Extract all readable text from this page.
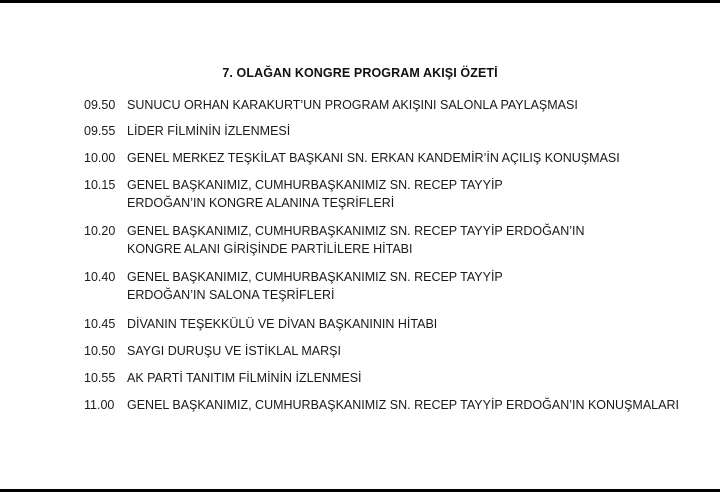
7. OLAĞAN KONGRE PROGRAM AKIŞI ÖZETİ
09.50 SUNUCU ORHAN KARAKURT’UN PROGRAM AKIŞINI SALONLA PAYLAŞMASI
09.55 LİDER FİLMİNİN İZLENMESİ
10.00 GENEL MERKEZ TEŞKİLAT BAŞKANI SN. ERKAN KANDEMİR’İN AÇILIŞ KONUŞMASI
10.15 GENEL BAŞKANIMIZ, CUMHURBAŞKANIMIZ SN. RECEP TAYYİP ERDOĞAN’IN KONGRE ALANINA TEŞRİFLERİ
10.20 GENEL BAŞKANIMIZ, CUMHURBAŞKANIMIZ SN. RECEP TAYYİP ERDOĞAN’IN KONGRE ALANI GİRİŞİNDE PARTİLİLERE HİTABI
10.40 GENEL BAŞKANIMIZ, CUMHURBAŞKANIMIZ SN. RECEP TAYYİP ERDOĞAN’IN SALONA TEŞRİFLERİ
10.45 DİVANIN TEŞEKKÜLÜ VE DİVAN BAŞKANININ HİTABI
10.50 SAYGI DURUŞU VE İSTİKLAL MARŞI
10.55 AK PARTİ TANITIM FİLMİNİN İZLENMESİ
11.00	GENEL BAŞKANIMIZ, CUMHURBAŞKANIMIZ SN. RECEP TAYYİP ERDOĞAN’IN KONUŞMALARI
